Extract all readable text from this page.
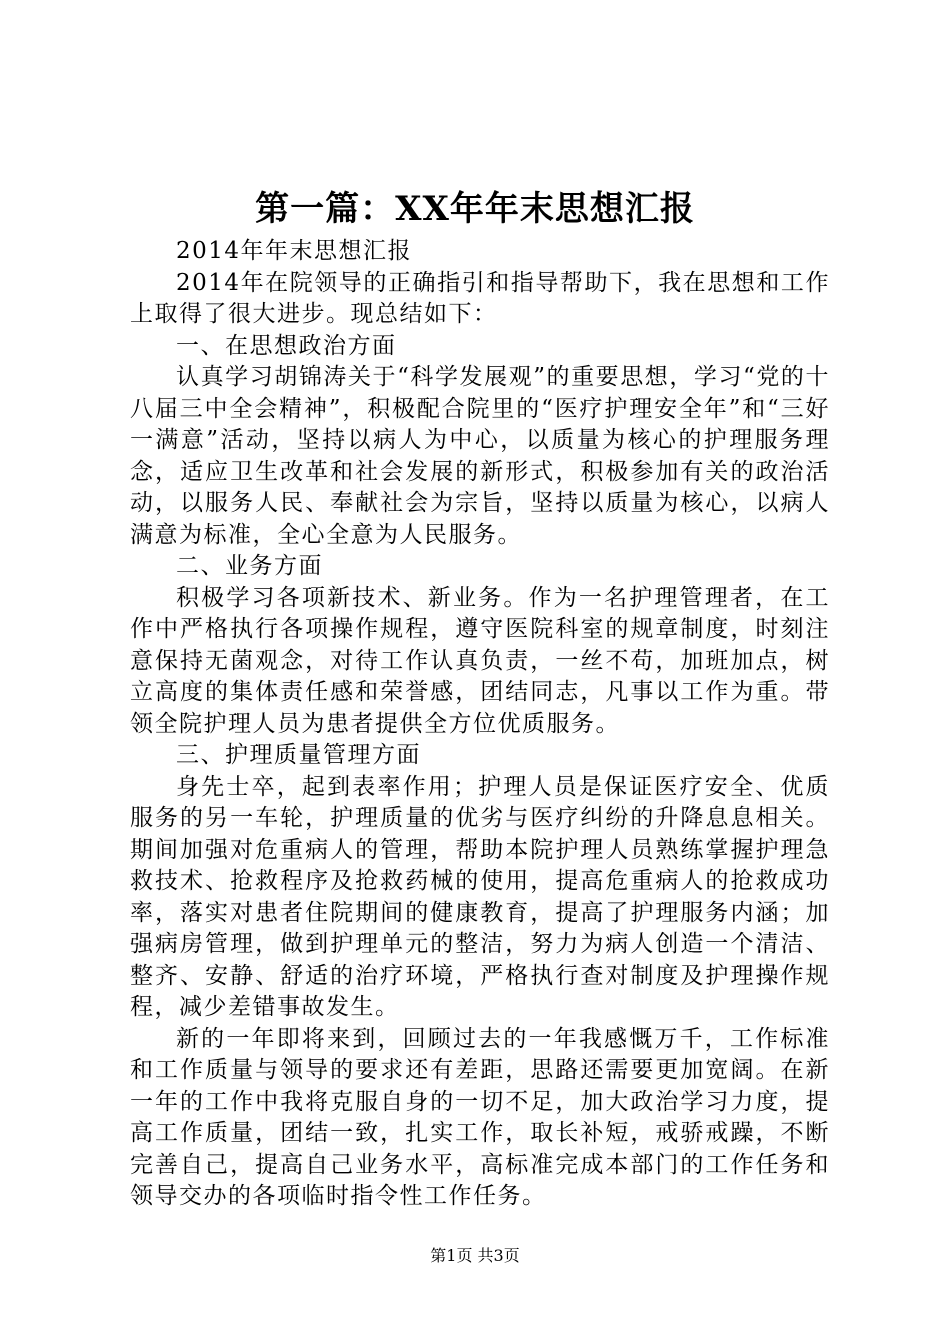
第一篇：XX年年末思想汇报

2014年年末思想汇报

2014年在院领导的正确指引和指导帮助下，我在思想和工作上取得了很大进步。现总结如下：

一、在思想政治方面

认真学习胡锦涛关于“科学发展观”的重要思想，学习“党的十八届三中全会精神”，积极配合院里的“医疗护理安全年”和“三好一满意”活动，坚持以病人为中心，以质量为核心的护理服务理念，适应卫生改革和社会发展的新形式，积极参加有关的政治活动，以服务人民、奉献社会为宗旨，坚持以质量为核心，以病人满意为标准，全心全意为人民服务。

二、业务方面

积极学习各项新技术、新业务。作为一名护理管理者，在工作中严格执行各项操作规程，遵守医院科室的规章制度，时刻注意保持无菌观念，对待工作认真负责，一丝不苟，加班加点，树立高度的集体责任感和荣誉感，团结同志，凡事以工作为重。带领全院护理人员为患者提供全方位优质服务。

三、护理质量管理方面

身先士卒，起到表率作用；护理人员是保证医疗安全、优质服务的另一车轮，护理质量的优劣与医疗纠纷的升降息息相关。期间加强对危重病人的管理，帮助本院护理人员熟练掌握护理急救技术、抢救程序及抢救药械的使用，提高危重病人的抢救成功率，落实对患者住院期间的健康教育，提高了护理服务内涵；加强病房管理，做到护理单元的整洁，努力为病人创造一个清洁、整齐、安静、舒适的治疗环境，严格执行查对制度及护理操作规程，减少差错事故发生。

新的一年即将来到，回顾过去的一年我感慨万千，工作标准和工作质量与领导的要求还有差距，思路还需要更加宽阔。在新一年的工作中我将克服自身的一切不足，加大政治学习力度，提高工作质量，团结一致，扎实工作，取长补短，戒骄戒躁，不断完善自己，提高自己业务水平，高标准完成本部门的工作任务和领导交办的各项临时指令性工作任务。

第1页 共3页
